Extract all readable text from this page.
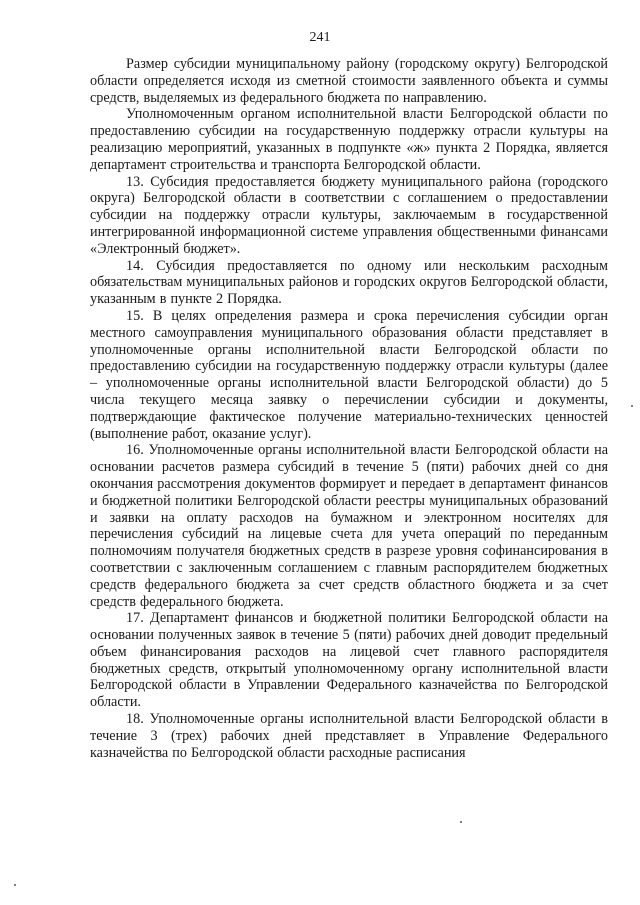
241

Размер субсидии муниципальному району (городскому округу) Белгородской области определяется исходя из сметной стоимости заявленного объекта и суммы средств, выделяемых из федерального бюджета по направлению.

Уполномоченным органом исполнительной власти Белгородской области по предоставлению субсидии на государственную поддержку отрасли культуры на реализацию мероприятий, указанных в подпункте «ж» пункта 2 Порядка, является департамент строительства и транспорта Белгородской области.

13. Субсидия предоставляется бюджету муниципального района (городского округа) Белгородской области в соответствии с соглашением о предоставлении субсидии на поддержку отрасли культуры, заключаемым в государственной интегрированной информационной системе управления общественными финансами «Электронный бюджет».

14. Субсидия предоставляется по одному или нескольким расходным обязательствам муниципальных районов и городских округов Белгородской области, указанным в пункте 2 Порядка.

15. В целях определения размера и срока перечисления субсидии орган местного самоуправления муниципального образования области представляет в уполномоченные органы исполнительной власти Белгородской области по предоставлению субсидии на государственную поддержку отрасли культуры (далее – уполномоченные органы исполнительной власти Белгородской области) до 5 числа текущего месяца заявку о перечислении субсидии и документы, подтверждающие фактическое получение материально-технических ценностей (выполнение работ, оказание услуг).

16. Уполномоченные органы исполнительной власти Белгородской области на основании расчетов размера субсидий в течение 5 (пяти) рабочих дней со дня окончания рассмотрения документов формирует и передает в департамент финансов и бюджетной политики Белгородской области реестры муниципальных образований и заявки на оплату расходов на бумажном и электронном носителях для перечисления субсидий на лицевые счета для учета операций по переданным полномочиям получателя бюджетных средств в разрезе уровня софинансирования в соответствии с заключенным соглашением с главным распорядителем бюджетных средств федерального бюджета за счет средств областного бюджета и за счет средств федерального бюджета.

17. Департамент финансов и бюджетной политики Белгородской области на основании полученных заявок в течение 5 (пяти) рабочих дней доводит предельный объем финансирования расходов на лицевой счет главного распорядителя бюджетных средств, открытый уполномоченному органу исполнительной власти Белгородской области в Управлении Федерального казначейства по Белгородской области.

18. Уполномоченные органы исполнительной власти Белгородской области в течение 3 (трех) рабочих дней представляет в Управление Федерального казначейства по Белгородской области расходные расписания
